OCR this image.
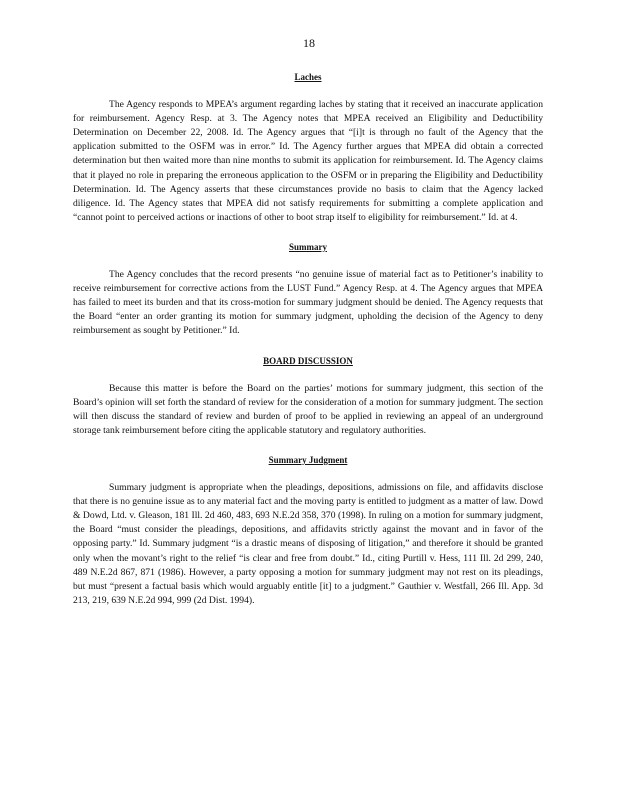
18

Laches

The Agency responds to MPEA’s argument regarding laches by stating that it received an inaccurate application for reimbursement. Agency Resp. at 3. The Agency notes that MPEA received an Eligibility and Deductibility Determination on December 22, 2008. Id. The Agency argues that “[i]t is through no fault of the Agency that the application submitted to the OSFM was in error.” Id. The Agency further argues that MPEA did obtain a corrected determination but then waited more than nine months to submit its application for reimbursement. Id. The Agency claims that it played no role in preparing the erroneous application to the OSFM or in preparing the Eligibility and Deductibility Determination. Id. The Agency asserts that these circumstances provide no basis to claim that the Agency lacked diligence. Id. The Agency states that MPEA did not satisfy requirements for submitting a complete application and “cannot point to perceived actions or inactions of other to boot strap itself to eligibility for reimbursement.” Id. at 4.

Summary

The Agency concludes that the record presents “no genuine issue of material fact as to Petitioner’s inability to receive reimbursement for corrective actions from the LUST Fund.” Agency Resp. at 4. The Agency argues that MPEA has failed to meet its burden and that its cross-motion for summary judgment should be denied. The Agency requests that the Board “enter an order granting its motion for summary judgment, upholding the decision of the Agency to deny reimbursement as sought by Petitioner.” Id.

BOARD DISCUSSION

Because this matter is before the Board on the parties’ motions for summary judgment, this section of the Board’s opinion will set forth the standard of review for the consideration of a motion for summary judgment. The section will then discuss the standard of review and burden of proof to be applied in reviewing an appeal of an underground storage tank reimbursement before citing the applicable statutory and regulatory authorities.

Summary Judgment

Summary judgment is appropriate when the pleadings, depositions, admissions on file, and affidavits disclose that there is no genuine issue as to any material fact and the moving party is entitled to judgment as a matter of law. Dowd & Dowd, Ltd. v. Gleason, 181 Ill. 2d 460, 483, 693 N.E.2d 358, 370 (1998). In ruling on a motion for summary judgment, the Board “must consider the pleadings, depositions, and affidavits strictly against the movant and in favor of the opposing party.” Id. Summary judgment “is a drastic means of disposing of litigation,” and therefore it should be granted only when the movant’s right to the relief “is clear and free from doubt.” Id., citing Purtill v. Hess, 111 Ill. 2d 299, 240, 489 N.E.2d 867, 871 (1986). However, a party opposing a motion for summary judgment may not rest on its pleadings, but must “present a factual basis which would arguably entitle [it] to a judgment.” Gauthier v. Westfall, 266 Ill. App. 3d 213, 219, 639 N.E.2d 994, 999 (2d Dist. 1994).
